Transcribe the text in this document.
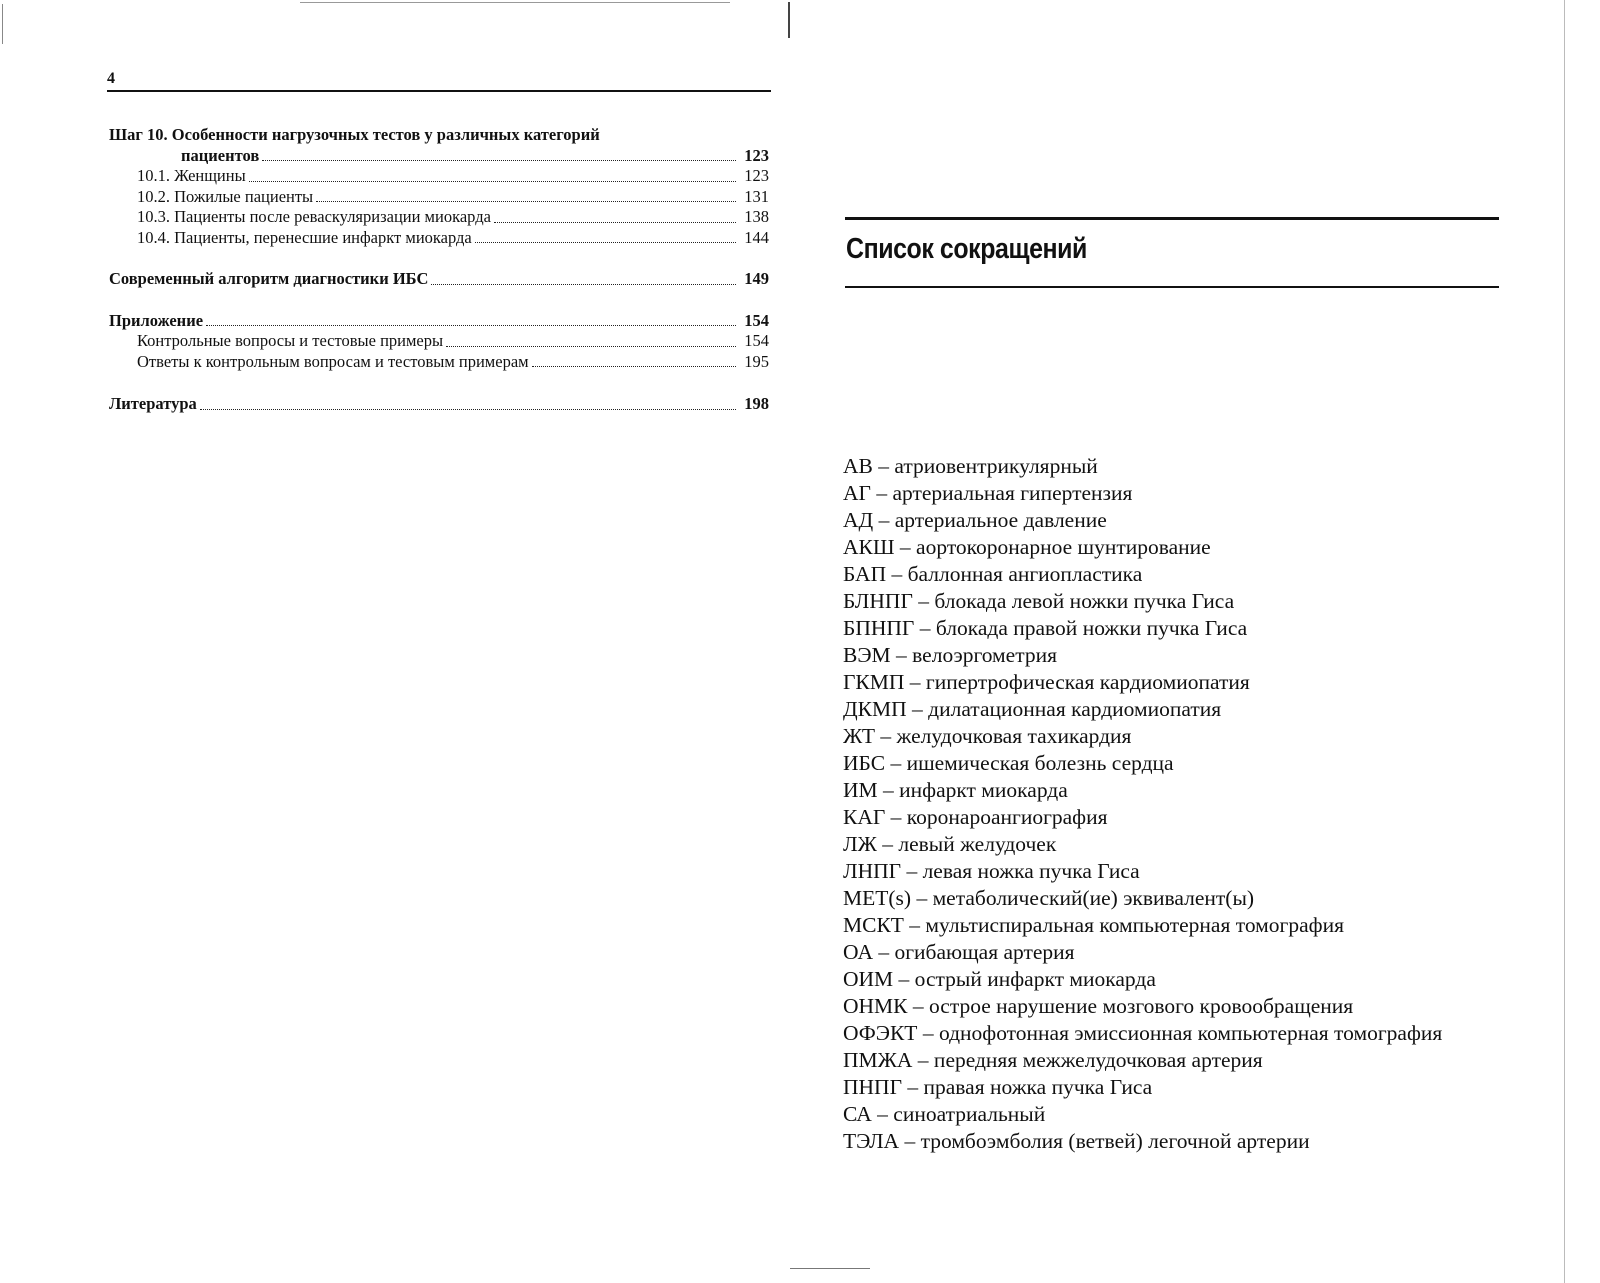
4
Шаг 10. Особенности нагрузочных тестов у различных категорий
пациентов	123
10.1. Женщины	123
10.2. Пожилые пациенты	131
10.3. Пациенты после реваскуляризации миокарда	138
10.4. Пациенты, перенесшие инфаркт миокарда	144
Современный алгоритм диагностики ИБС	149
Приложение	154
Контрольные вопросы и тестовые примеры	154
Ответы к контрольным вопросам и тестовым примерам	195
Литература	198
Список сокращений
АВ – атриовентрикулярный
АГ – артериальная гипертензия
АД – артериальное давление
АКШ – аортокоронарное шунтирование
БАП – баллонная ангиопластика
БЛНПГ – блокада левой ножки пучка Гиса
БПНПГ – блокада правой ножки пучка Гиса
ВЭМ – велоэргометрия
ГКМП – гипертрофическая кардиомиопатия
ДКМП – дилатационная кардиомиопатия
ЖТ – желудочковая тахикардия
ИБС – ишемическая болезнь сердца
ИМ – инфаркт миокарда
КАГ – коронароангиография
ЛЖ – левый желудочек
ЛНПГ – левая ножка пучка Гиса
MET(s) – метаболический(ие) эквивалент(ы)
МСКТ – мультиспиральная компьютерная томография
ОА – огибающая артерия
ОИМ – острый инфаркт миокарда
ОНМК – острое нарушение мозгового кровообращения
ОФЭКТ – однофотонная эмиссионная компьютерная томография
ПМЖА – передняя межжелудочковая артерия
ПНПГ – правая ножка пучка Гиса
СА – синоатриальный
ТЭЛА – тромбоэмболия (ветвей) легочной артерии
